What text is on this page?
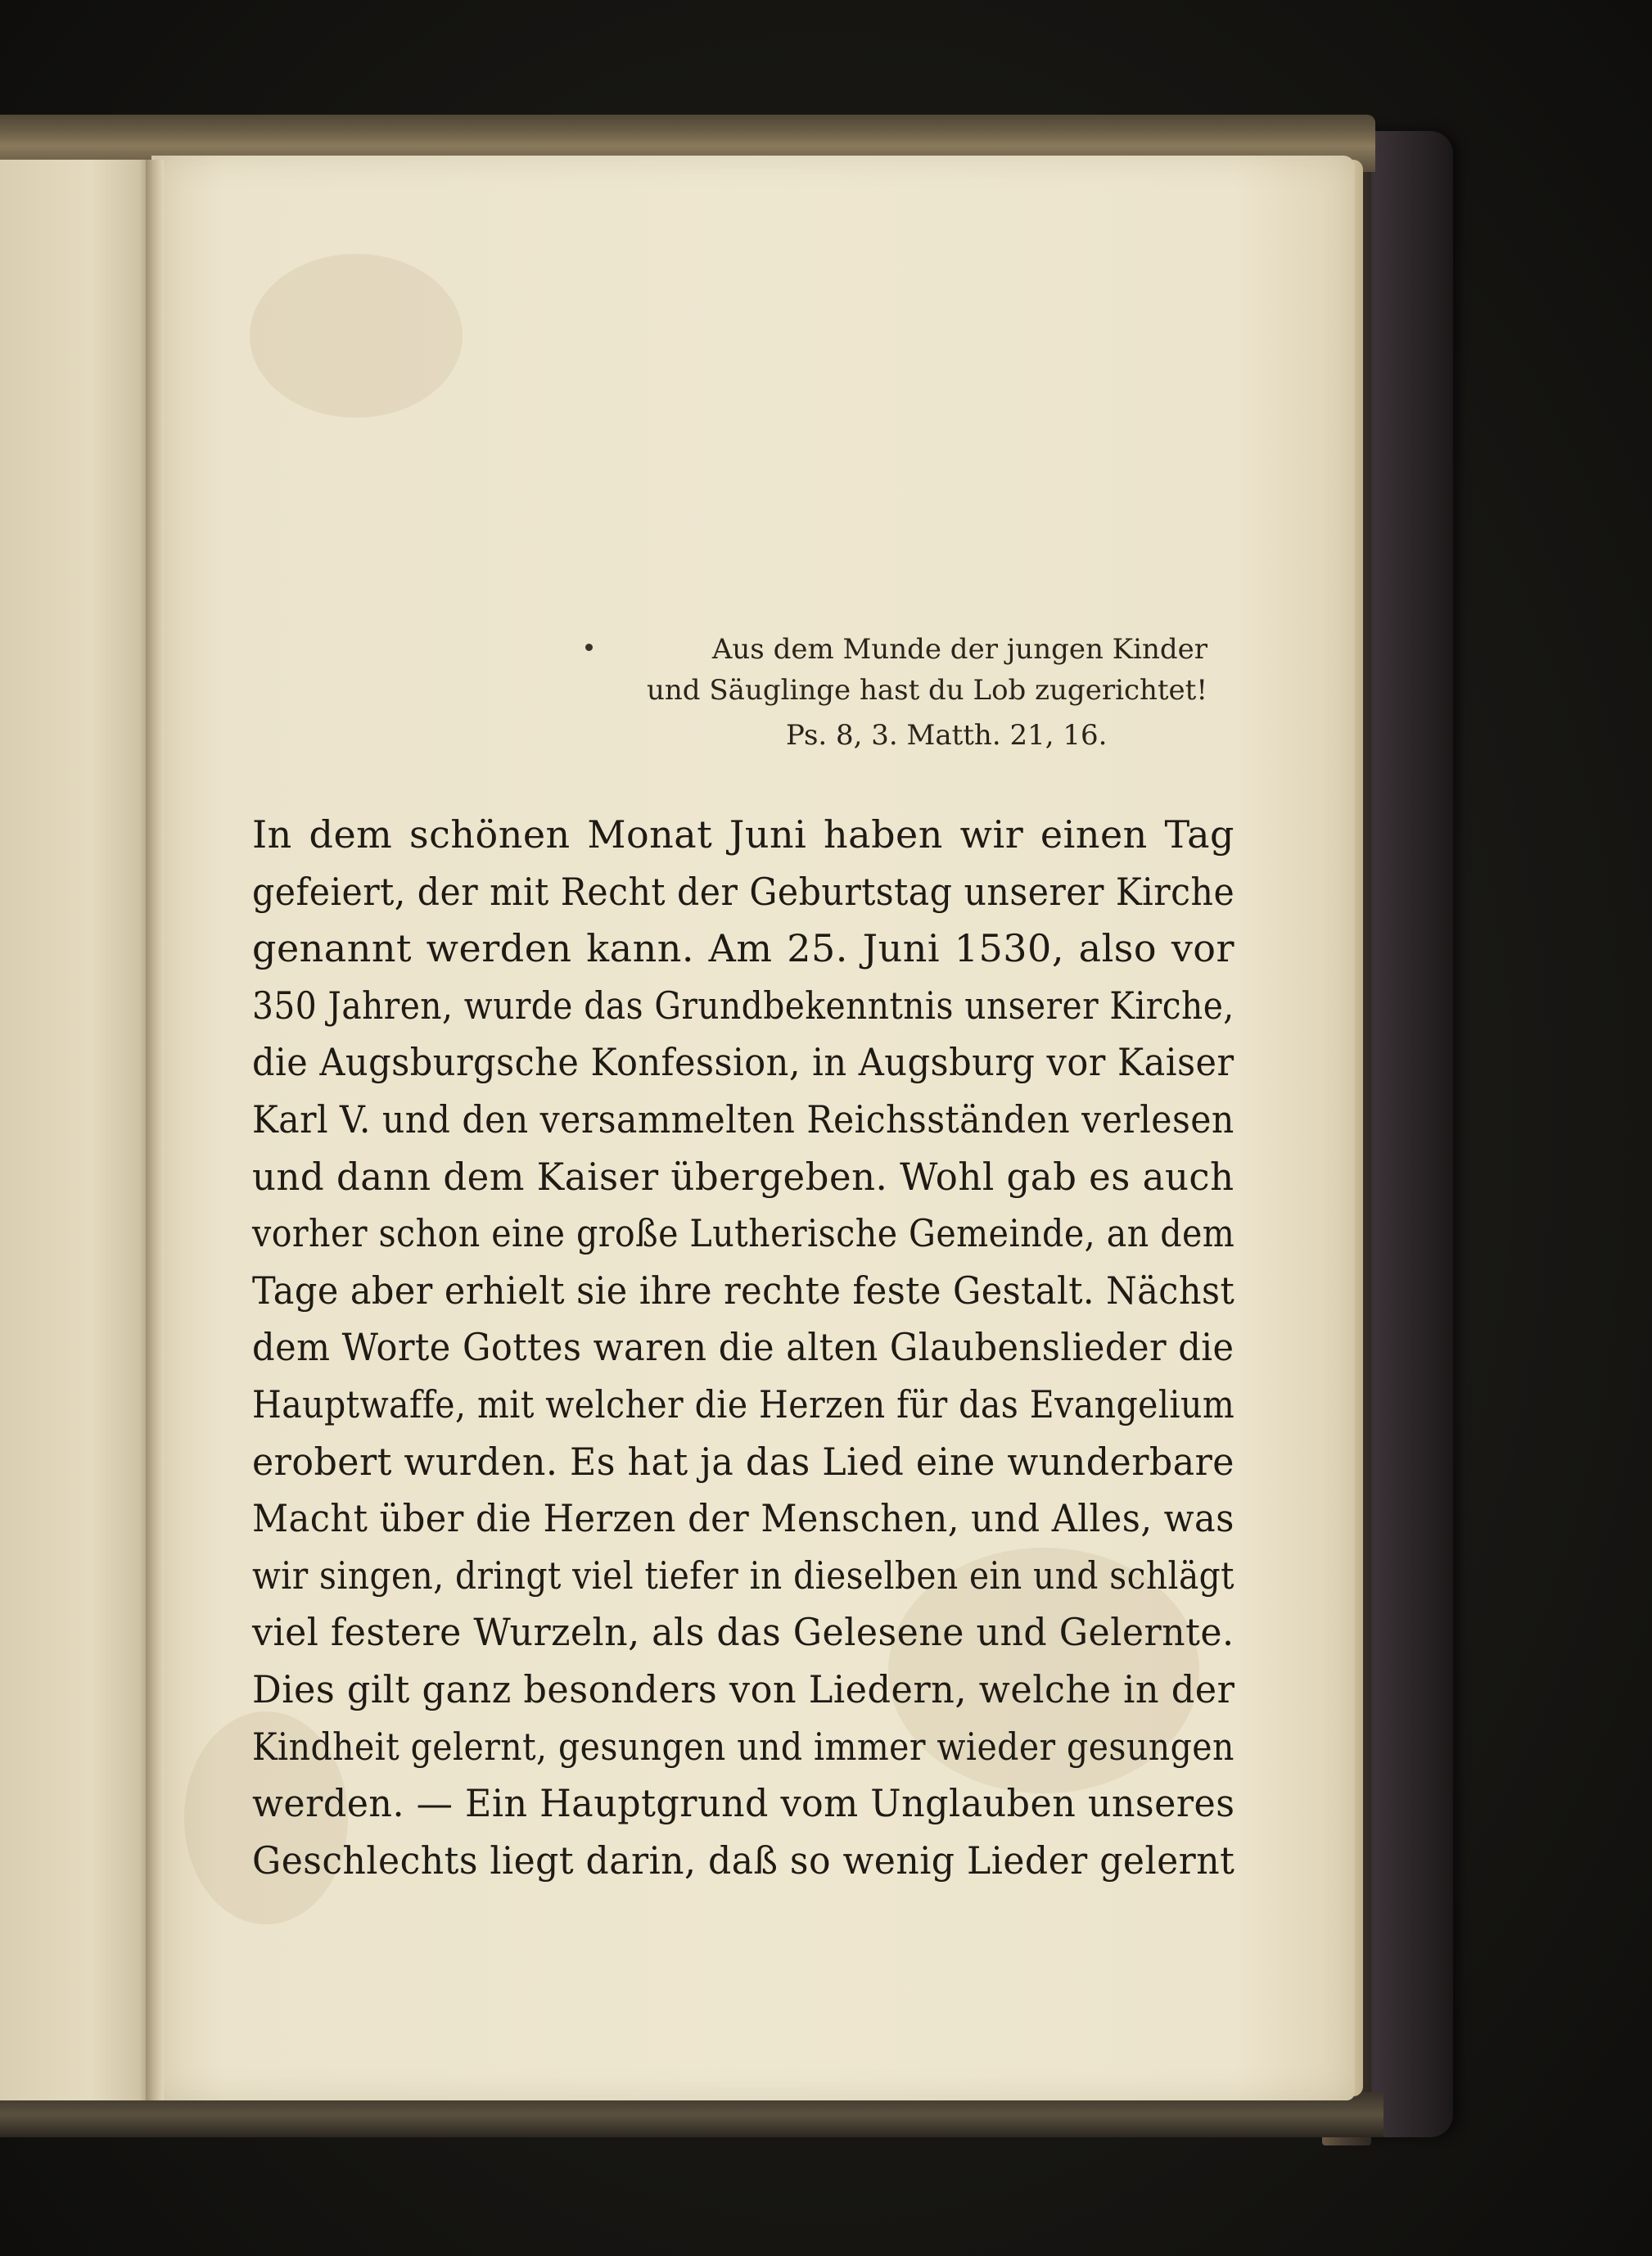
Aus dem Munde der jungen Kinder
und Säuglinge hast du Lob zugerichtet!
Ps. 8, 3. Matth. 21, 16.
In dem schönen Monat Juni haben wir einen Tag
gefeiert, der mit Recht der Geburtstag unserer Kirche
genannt werden kann. Am 25. Juni 1530, also vor
350 Jahren, wurde das Grundbekenntnis unserer Kirche,
die Augsburgsche Konfession, in Augsburg vor Kaiser
Karl V. und den versammelten Reichsständen verlesen
und dann dem Kaiser übergeben. Wohl gab es auch
vorher schon eine große Lutherische Gemeinde, an dem
Tage aber erhielt sie ihre rechte feste Gestalt. Nächst
dem Worte Gottes waren die alten Glaubenslieder die
Hauptwaffe, mit welcher die Herzen für das Evangelium
erobert wurden. Es hat ja das Lied eine wunderbare
Macht über die Herzen der Menschen, und Alles, was
wir singen, dringt viel tiefer in dieselben ein und schlägt
viel festere Wurzeln, als das Gelesene und Gelernte.
Dies gilt ganz besonders von Liedern, welche in der
Kindheit gelernt, gesungen und immer wieder gesungen
werden. — Ein Hauptgrund vom Unglauben unseres
Geschlechts liegt darin, daß so wenig Lieder gelernt
